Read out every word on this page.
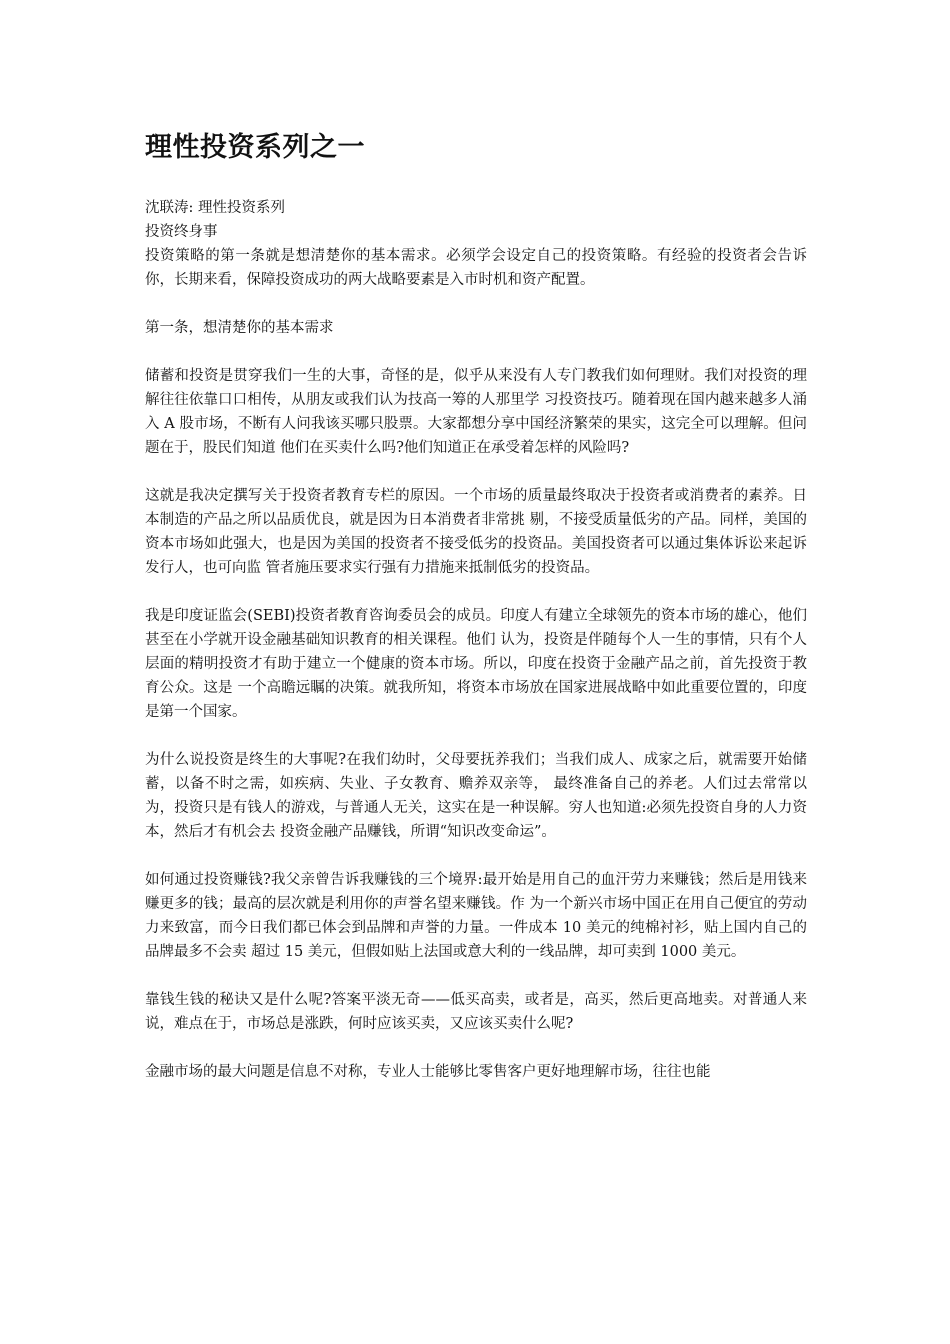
理性投资系列之一

沈联涛: 理性投资系列

投资终身事

投资策略的第一条就是想清楚你的基本需求。必须学会设定自己的投资策略。有经验的投资者会告诉你，长期来看，保障投资成功的两大战略要素是入市时机和资产配置。

第一条，想清楚你的基本需求

储蓄和投资是贯穿我们一生的大事，奇怪的是，似乎从来没有人专门教我们如何理财。我们对投资的理解往往依靠口口相传，从朋友或我们认为技高一筹的人那里学 习投资技巧。随着现在国内越来越多人涌入 A 股市场，不断有人问我该买哪只股票。大家都想分享中国经济繁荣的果实，这完全可以理解。但问题在于，股民们知道 他们在买卖什么吗?他们知道正在承受着怎样的风险吗?

这就是我决定撰写关于投资者教育专栏的原因。一个市场的质量最终取决于投资者或消费者的素养。日本制造的产品之所以品质优良，就是因为日本消费者非常挑 剔，不接受质量低劣的产品。同样，美国的资本市场如此强大，也是因为美国的投资者不接受低劣的投资品。美国投资者可以通过集体诉讼来起诉发行人，也可向监 管者施压要求实行强有力措施来抵制低劣的投资品。

我是印度证监会(SEBI)投资者教育咨询委员会的成员。印度人有建立全球领先的资本市场的雄心，他们甚至在小学就开设金融基础知识教育的相关课程。他们 认为，投资是伴随每个人一生的事情，只有个人层面的精明投资才有助于建立一个健康的资本市场。所以，印度在投资于金融产品之前，首先投资于教育公众。这是 一个高瞻远瞩的决策。就我所知，将资本市场放在国家进展战略中如此重要位置的，印度是第一个国家。

为什么说投资是终生的大事呢?在我们幼时，父母要抚养我们；当我们成人、成家之后，就需要开始储蓄，以备不时之需，如疾病、失业、子女教育、赡养双亲等， 最终准备自己的养老。人们过去常常以为，投资只是有钱人的游戏，与普通人无关，这实在是一种误解。穷人也知道:必须先投资自身的人力资本，然后才有机会去 投资金融产品赚钱，所谓“知识改变命运”。

如何通过投资赚钱?我父亲曾告诉我赚钱的三个境界:最开始是用自己的血汗劳力来赚钱；然后是用钱来赚更多的钱；最高的层次就是利用你的声誉名望来赚钱。作 为一个新兴市场中国正在用自己便宜的劳动力来致富，而今日我们都已体会到品牌和声誉的力量。一件成本 10 美元的纯棉衬衫，贴上国内自己的品牌最多不会卖 超过 15 美元，但假如贴上法国或意大利的一线品牌，却可卖到 1000 美元。

靠钱生钱的秘诀又是什么呢?答案平淡无奇——低买高卖，或者是，高买，然后更高地卖。对普通人来说，难点在于，市场总是涨跌，何时应该买卖，又应该买卖什么呢?

金融市场的最大问题是信息不对称，专业人士能够比零售客户更好地理解市场，往往也能
